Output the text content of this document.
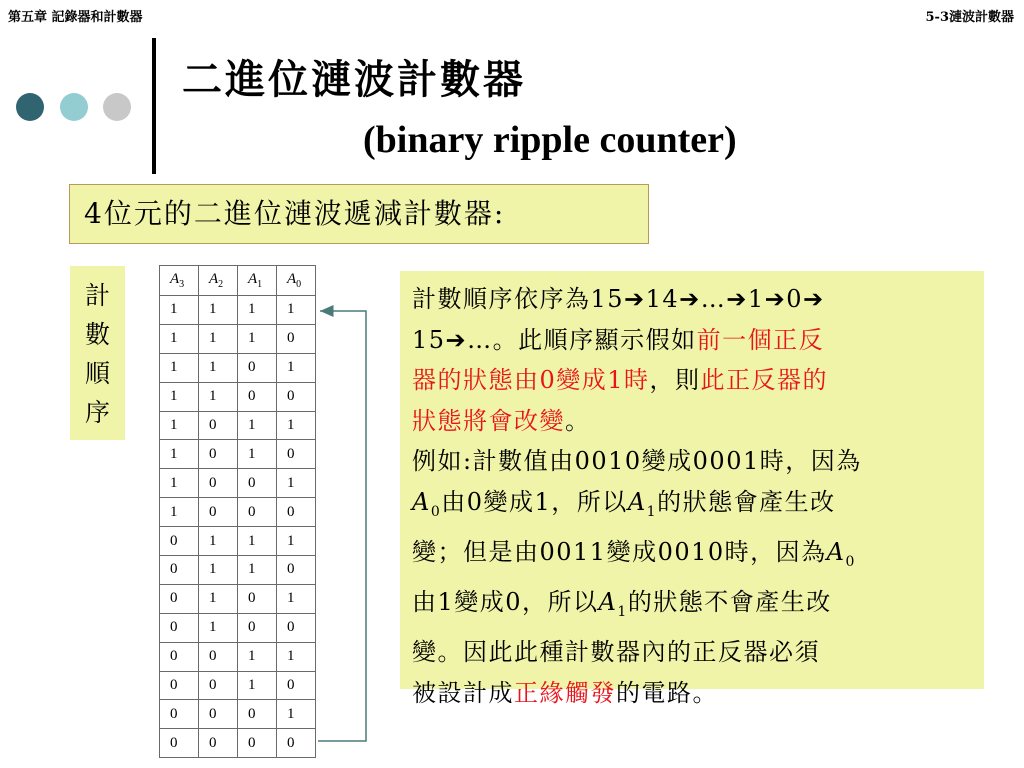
第五章 記錄器和計數器	5-3漣波計數器
二進位漣波計數器
(binary ripple counter)
4位元的二進位漣波遞減計數器:
計
數
順
序
$A_3$	$A_2$	$A_1$	$A_0$
1	1	1	1
1	1	1	0
1	1	0	1
1	1	0	0
1	0	1	1
1	0	1	0
1	0	0	1
1	0	0	0
0	1	1	1
0	1	1	0
0	1	0	1
0	1	0	0
0	0	1	1
0	0	1	0
0	0	0	1
0	0	0	0

計數順序依序為15➔14➔…➔1➔0➔

15➔…。此順序顯示假如前一個正反

器的狀態由0變成1時，則此正反器的

狀態將會改變。

例如:計數值由0010變成0001時，因為

$A_0$由0變成1，所以$A_1$的狀態會產生改

變；但是由0011變成0010時，因為$A_0$

由1變成0，所以$A_1$的狀態不會產生改

變。因此此種計數器內的正反器必須

被設計成正緣觸發的電路。
